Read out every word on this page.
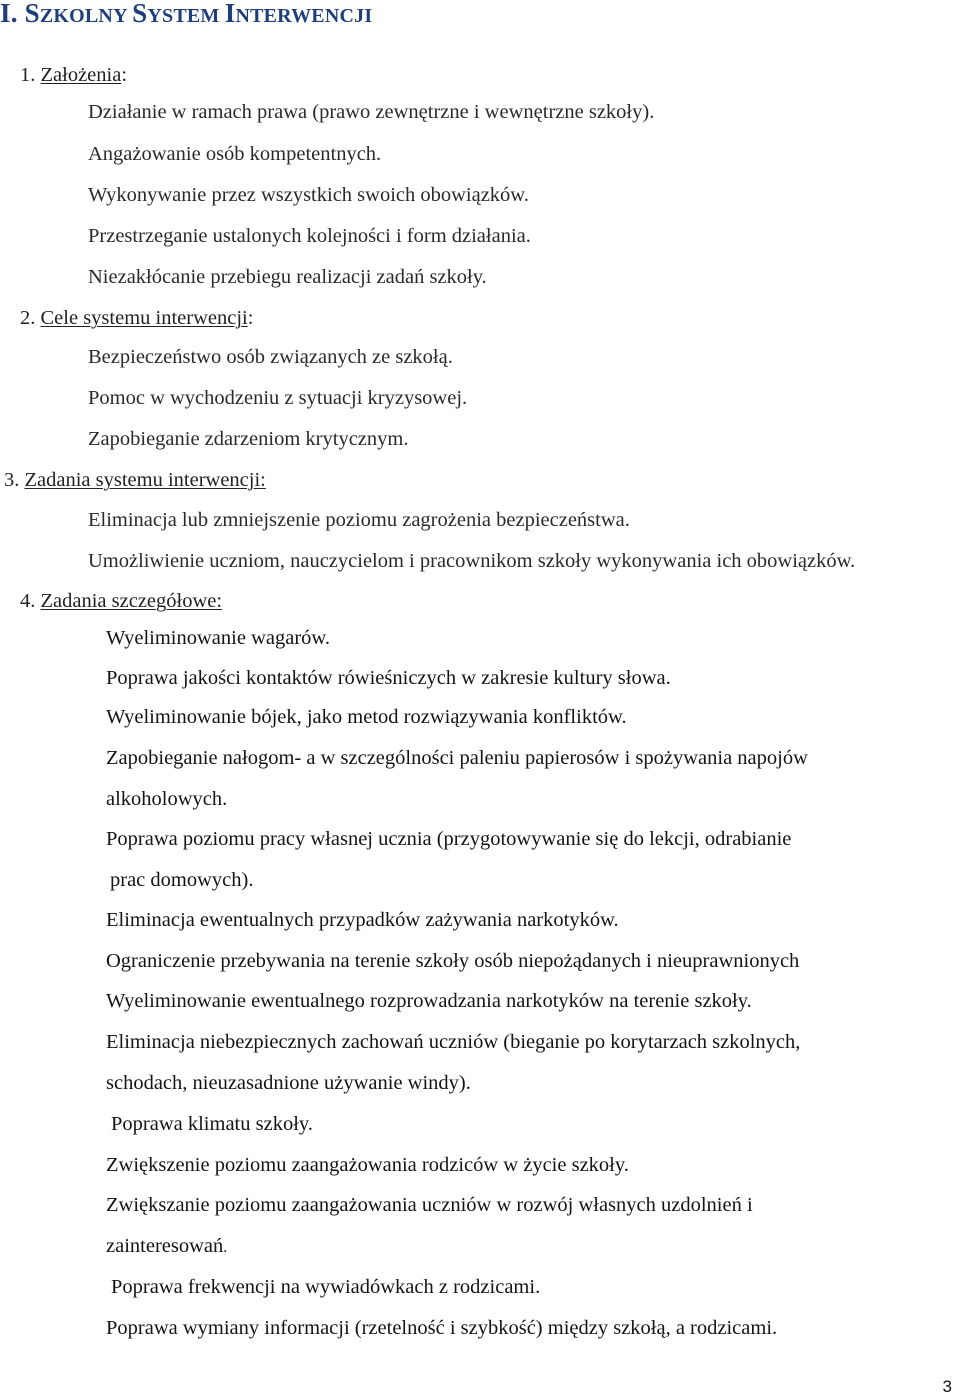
I. SZKOLNY SYSTEM INTERWENCJI

1. Założenia:

Działanie w ramach prawa (prawo zewnętrzne i wewnętrzne szkoły).

Angażowanie osób kompetentnych.

Wykonywanie przez wszystkich swoich obowiązków.

Przestrzeganie ustalonych kolejności i form działania.

Niezakłócanie przebiegu realizacji zadań szkoły.

2. Cele systemu interwencji:

Bezpieczeństwo osób związanych ze szkołą.

Pomoc w wychodzeniu z sytuacji kryzysowej.

Zapobieganie zdarzeniom krytycznym.

3. Zadania systemu interwencji:

Eliminacja lub zmniejszenie poziomu zagrożenia bezpieczeństwa.

Umożliwienie uczniom, nauczycielom i pracownikom szkoły wykonywania ich obowiązków.

4. Zadania szczegółowe:

Wyeliminowanie wagarów.

Poprawa jakości kontaktów rówieśniczych w zakresie kultury słowa.

Wyeliminowanie bójek, jako metod rozwiązywania konfliktów.

Zapobieganie nałogom- a w szczególności paleniu papierosów i spożywania napojów

alkoholowych.

Poprawa poziomu pracy własnej ucznia (przygotowywanie się do lekcji, odrabianie

prac domowych).

Eliminacja ewentualnych przypadków zażywania narkotyków.

Ograniczenie przebywania na terenie szkoły osób niepożądanych i nieuprawnionych

Wyeliminowanie ewentualnego rozprowadzania narkotyków na terenie szkoły.

Eliminacja niebezpiecznych zachowań uczniów (bieganie po korytarzach szkolnych,

schodach, nieuzasadnione używanie windy).

Poprawa klimatu szkoły.

Zwiększenie poziomu zaangażowania rodziców w życie szkoły.

Zwiększanie poziomu zaangażowania uczniów w rozwój własnych uzdolnień i

zainteresowań.

Poprawa frekwencji na wywiadówkach z rodzicami.

Poprawa wymiany informacji (rzetelność i szybkość) między szkołą, a rodzicami.

3
